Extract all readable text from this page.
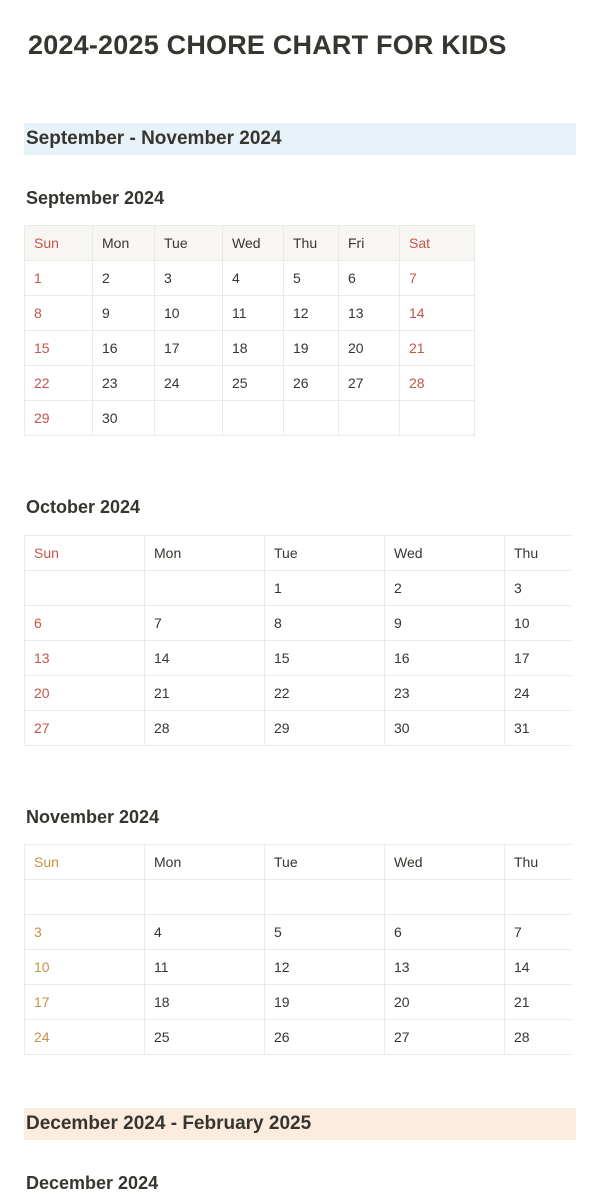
2024-2025 CHORE CHART FOR KIDS
September - November 2024
September 2024
Sun	Mon	Tue	Wed	Thu	Fri	Sat
1	2	3	4	5	6	7
8	9	10	11	12	13	14
15	16	17	18	19	20	21
22	23	24	25	26	27	28
29	30					
October 2024
Sun	Mon	Tue	Wed	Thu
		1	2	3
6	7	8	9	10
13	14	15	16	17
20	21	22	23	24
27	28	29	30	31
November 2024
Sun	Mon	Tue	Wed	Thu

3	4	5	6	7
10	11	12	13	14
17	18	19	20	21
24	25	26	27	28
December 2024 - February 2025
December 2024
